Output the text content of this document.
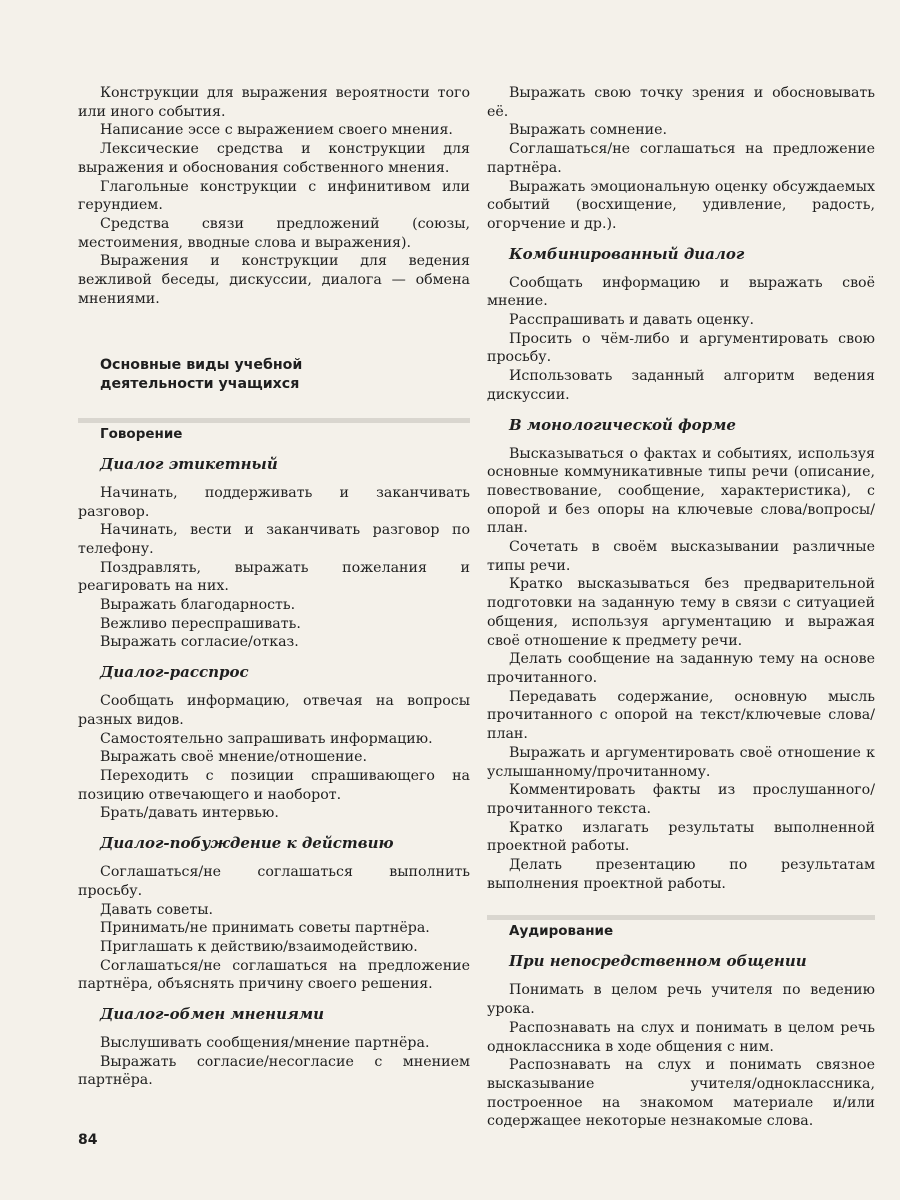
Конструкции для выражения вероятности того или иного события.

Написание эссе с выражением своего мнения.

Лексические средства и конструкции для выражения и обоснования собственного мнения.

Глагольные конструкции с инфинитивом или герундием.

Средства связи предложений (союзы, местоимения, вводные слова и выражения).

Выражения и конструкции для ведения вежливой беседы, дискуссии, диалога — обмена мнениями.

Основные виды учебной
деятельности учащихся
Говорение
Диалог этикетный

Начинать, поддерживать и заканчивать разговор.

Начинать, вести и заканчивать разговор по телефону.

Поздравлять, выражать пожелания и реагировать на них.

Выражать благодарность.

Вежливо переспрашивать.

Выражать согласие/отказ.

Диалог-расспрос

Сообщать информацию, отвечая на вопросы разных видов.

Самостоятельно запрашивать информацию.

Выражать своё мнение/отношение.

Переходить с позиции спрашивающего на позицию отвечающего и наоборот.

Брать/давать интервью.

Диалог-побуждение к действию

Соглашаться/не соглашаться выполнить просьбу.

Давать советы.

Принимать/не принимать советы партнёра.

Приглашать к действию/взаимодействию.

Соглашаться/не соглашаться на предложение партнёра, объяснять причину своего решения.

Диалог-обмен мнениями

Выслушивать сообщения/мнение партнёра.

Выражать согласие/несогласие с мнением партнёра.

Выражать свою точку зрения и обосновывать её.

Выражать сомнение.

Соглашаться/не соглашаться на предложение партнёра.

Выражать эмоциональную оценку обсуждаемых событий (восхищение, удивление, радость, огорчение и др.).

Комбинированный диалог

Сообщать информацию и выражать своё мнение.

Расспрашивать и давать оценку.

Просить о чём-либо и аргументировать свою просьбу.

Использовать заданный алгоритм ведения дискуссии.

В монологической форме

Высказываться о фактах и событиях, используя основные коммуникативные типы речи (описание, повествование, сообщение, характеристика), с опорой и без опоры на ключевые слова/вопросы/план.

Сочетать в своём высказывании различные типы речи.

Кратко высказываться без предварительной подготовки на заданную тему в связи с ситуацией общения, используя аргументацию и выражая своё отношение к предмету речи.

Делать сообщение на заданную тему на основе прочитанного.

Передавать содержание, основную мысль прочитанного с опорой на текст/ключевые слова/план.

Выражать и аргументировать своё отношение к услышанному/прочитанному.

Комментировать факты из прослушанного/прочитанного текста.

Кратко излагать результаты выполненной проектной работы.

Делать презентацию по результатам выполнения проектной работы.

Аудирование
При непосредственном общении

Понимать в целом речь учителя по ведению урока.

Распознавать на слух и понимать в целом речь одноклассника в ходе общения с ним.

Распознавать на слух и понимать связное высказывание учителя/одноклассника, построенное на знакомом материале и/или содержащее некоторые незнакомые слова.

84
